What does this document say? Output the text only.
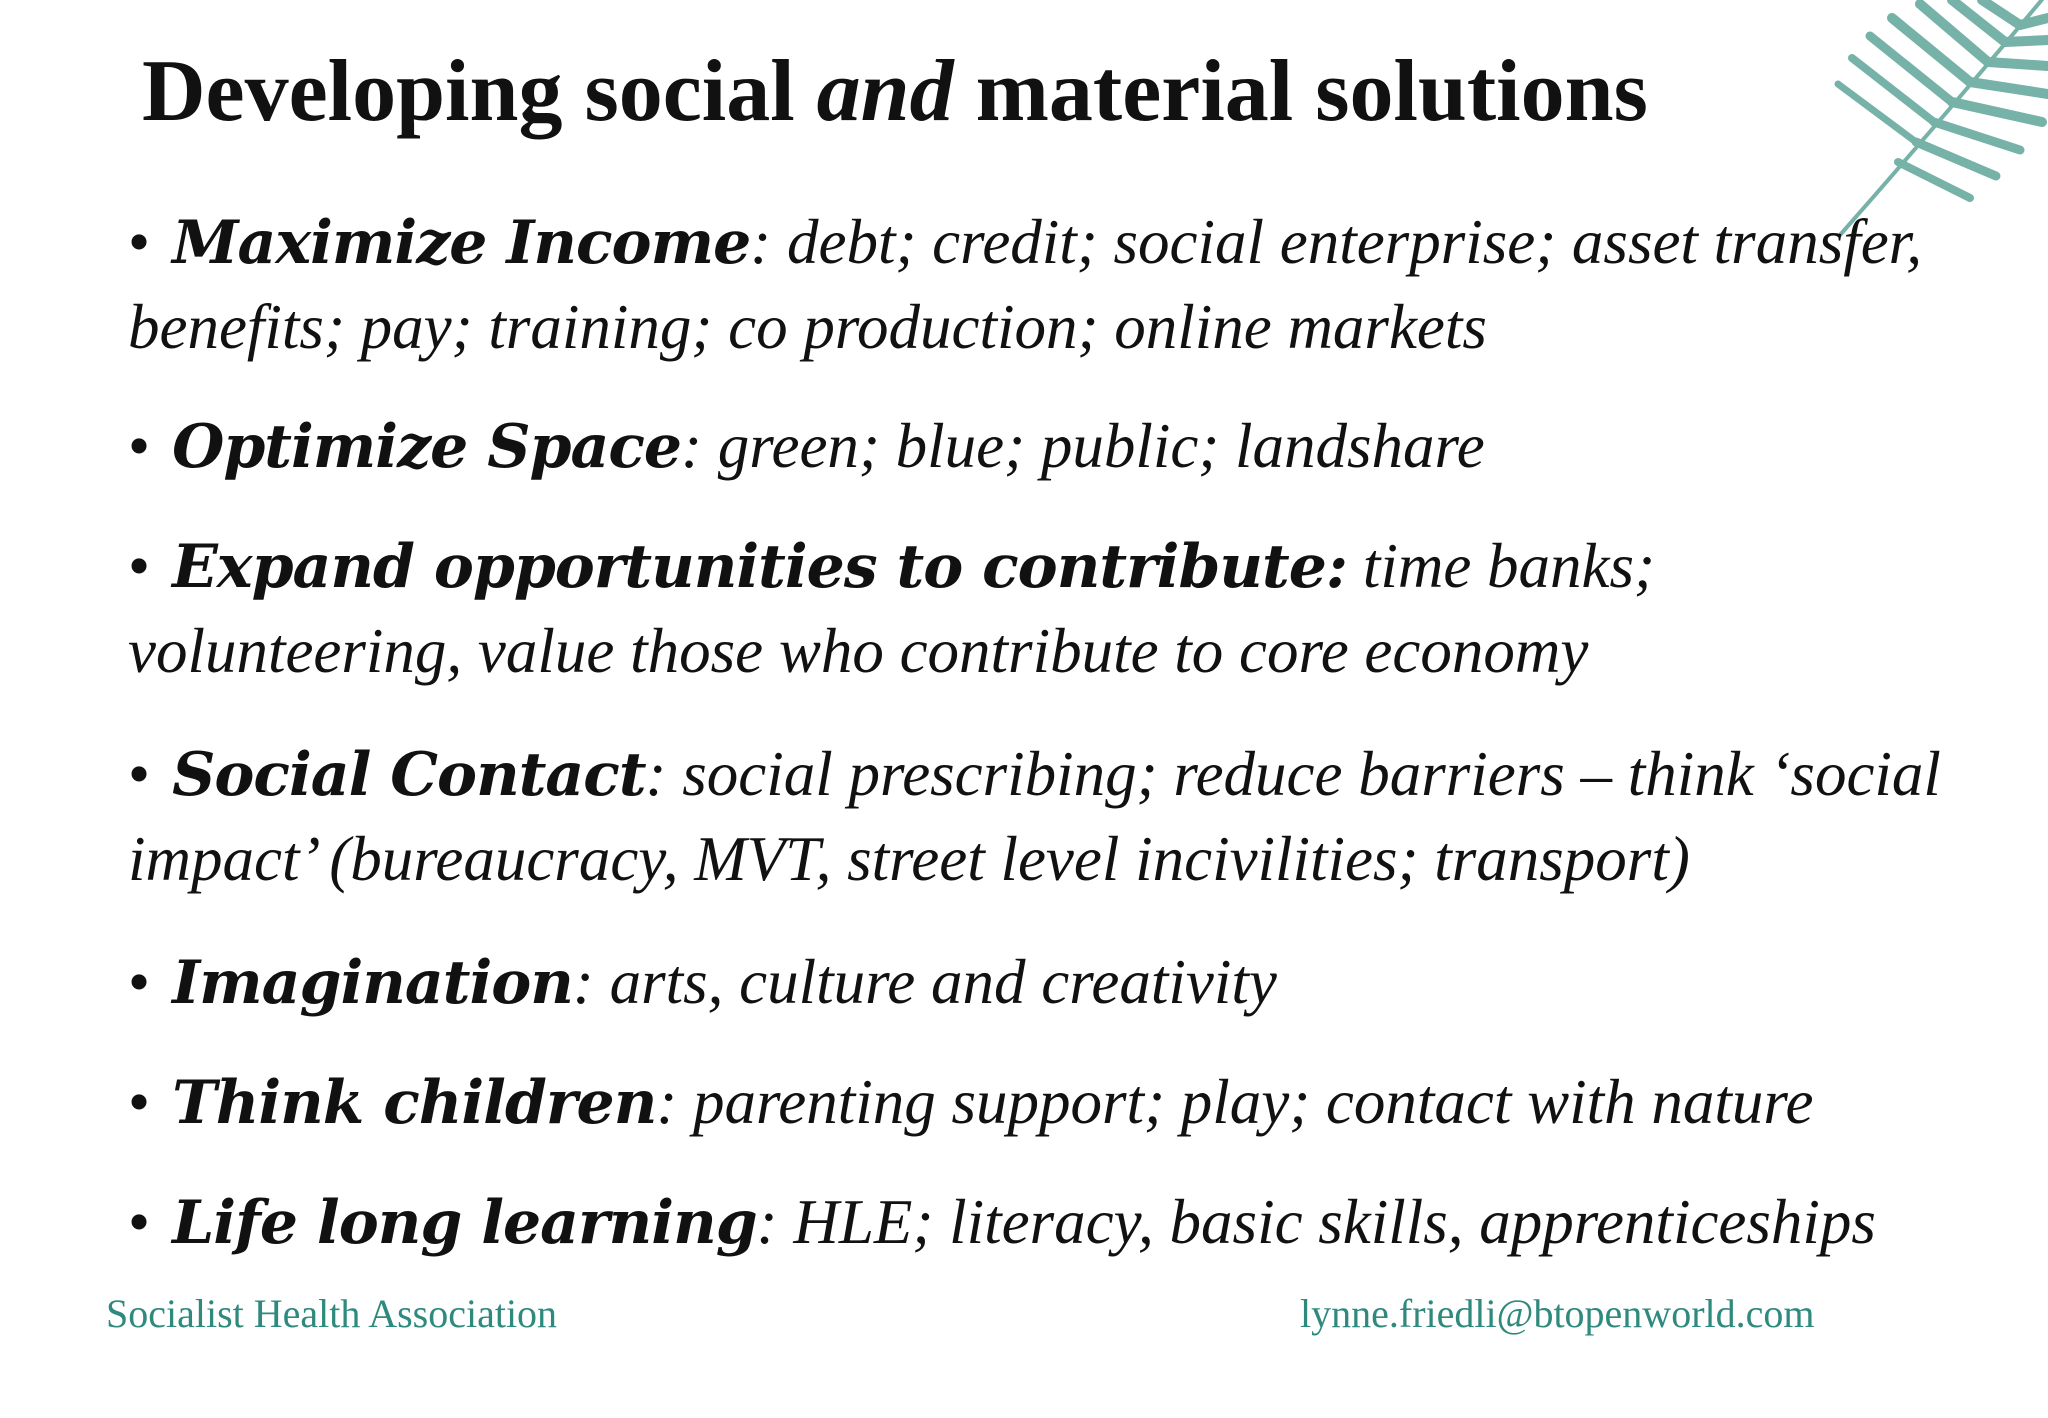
Developing social and material solutions
• Maximize Income: debt; credit; social enterprise; asset transfer, benefits; pay; training; co production; online markets
• Optimize Space: green; blue; public; landshare
• Expand opportunities to contribute: time banks; volunteering, value those who contribute to core economy
• Social Contact: social prescribing; reduce barriers – think ‘social impact’ (bureaucracy, MVT, street level incivilities; transport)
• Imagination: arts, culture and creativity
• Think children: parenting support; play; contact with nature
• Life long learning: HLE; literacy, basic skills, apprenticeships
Socialist Health Association	lynne.friedli@btopenworld.com
